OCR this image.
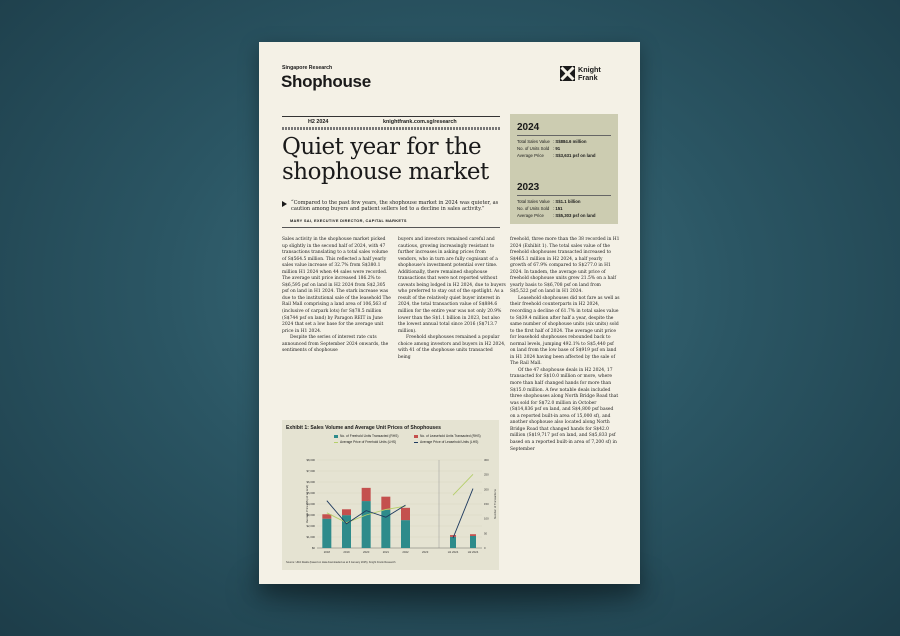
Singapore Research
Shophouse
Knight
Frank
H2 2024	knightfrank.com.sg/research
Quiet year for the shophouse market
“Compared to the past few years, the shophouse market in 2024 was quieter, as caution among buyers and patient sellers led to a decline in sales activity.”
MARY SAI, EXECUTIVE DIRECTOR, CAPITAL MARKETS
2024
Total Sales Value : S$884.6 million
No. of Units Sold : 91
Average Price : S$3,631 psf on land
2023
Total Sales Value : S$1.1 billion
No. of Units Sold : 151
Average Price : S$5,303 psf on land

Sales activity in the shophouse market picked up slightly in the second half of 2024, with 47 transactions translating to a total sales volume of S$564.5 million. This reflected a half yearly sales value increase of 32.7% from S$380.1 million H1 2024 when 44 sales were recorded. The average unit price increased 186.2% to S$6,595 psf on land in H2 2024 from S$2,305 psf on land in H1 2024. The stark increase was due to the institutional sale of the leasehold The Rail Mall comprising a land area of 106,563 sf (inclusive of carpark lots) for S$78.5 million (S$744 psf on land) by Paragon REIT in June 2024 that set a low base for the average unit price in H1 2024.

Despite the series of interest rate cuts announced from September 2024 onwards, the sentiments of shophouse

buyers and investors remained careful and cautious, growing increasingly resistant to further increases in asking prices from vendors, who in turn are fully cognisant of a shophouse's investment potential over time. Additionally, there remained shophouse transactions that were not reported without caveats being lodged in H2 2024, due to buyers who preferred to stay out of the spotlight. As a result of the relatively quiet buyer interest in 2024, the total transaction value of S$884.6 million for the entire year was not only 20.9% lower than the S$1.1 billion in 2023, but also the lowest annual total since 2016 (S$713.7 million).

Freehold shophouses remained a popular choice among investors and buyers in H2 2024, with 41 of the shophouse units transacted being

freehold, three more than the 38 recorded in H1 2024 (Exhibit 1). The total sales value of the freehold shophouses transacted increased to S$465.1 million in H2 2024, a half yearly growth of 67.9% compared to S$277.0 in H1 2024. In tandem, the average unit price of freehold shophouse units grew 21.5% on a half yearly basis to S$6,708 psf on land from S$5,522 psf on land in H1 2024.

Leasehold shophouses did not fare as well as their freehold counterparts in H2 2024, recording a decline of 61.7% in total sales value to S$39.4 million after half a year, despite the same number of shophouse units (six units) sold to the first half of 2024. The average unit price for leasehold shophouses rebounded back to normal levels, jumping 492.1% to S$5,440 psf on land from the low base of S$919 psf on land in H1 2024 having been affected by the sale of The Rail Mall.

Of the 47 shophouse deals in H2 2024, 17 transacted for S$10.0 million or more, where more than half changed hands for more than S$15.0 million. A few notable deals included three shophouses along North Bridge Road that was sold for S$72.0 million in October (S$14,836 psf on land, and S$4,800 psf based on a reported built-in area of 15,000 sf), and another shophouse also located along North Bridge Road that changed hands for S$42.0 million (S$19,717 psf on land, and S$5,833 psf based on a reported built-in area of 7,200 sf) in September

Exhibit 1: Sales Volume and Average Unit Prices of Shophouses
No. of Freehold Units Transacted (RHS)	No. of Leasehold Units Transacted (RHS)
Average Price of Freehold Units (LHS)	Average Price of Leasehold Units (LHS)
$0
$1,000
$2,000
$3,000
$4,000
$5,000
$6,000
$7,000
$8,000
0
50
100
150
200
250
300
Average Price (S$ psf on land)	Number of Transactions
2018	2019	2020	2021	2022	2023	H1 2024	H2 2024
Source: URA Realis (based on data downloaded as at 6 January 2025), Knight Frank Research
